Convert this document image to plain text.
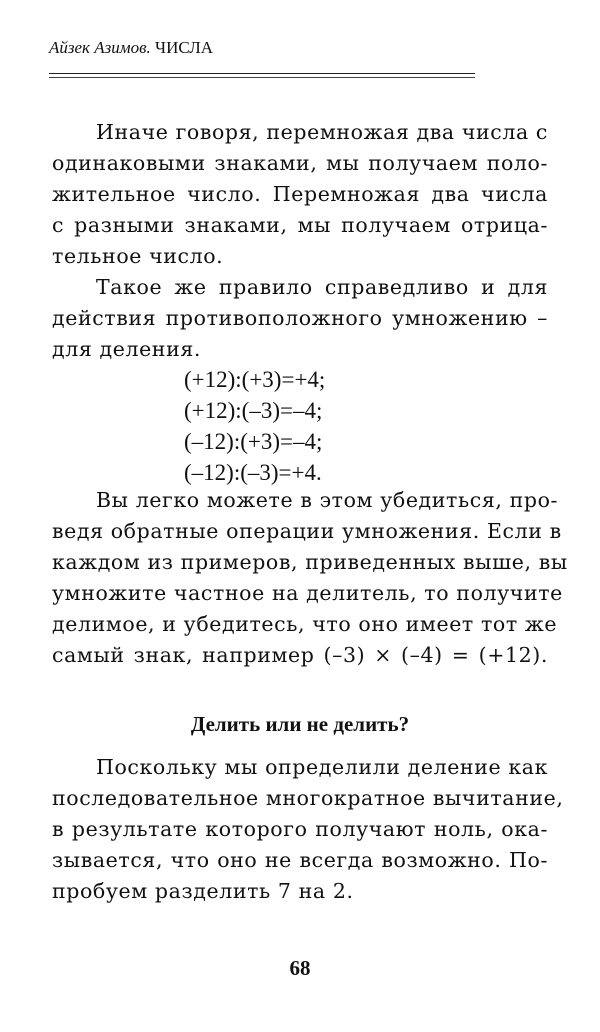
Айзек Азимов. ЧИСЛА
Иначе говоря, перемножая два числа с
одинаковыми знаками, мы получаем поло-
жительное число. Перемножая два числа
с разными знаками, мы получаем отрица-
тельное число.
Такое же правило справедливо и для
действия противоположного умножению –
для деления.
(+12):(+3)=+4;
(+12):(–3)=–4;
(–12):(+3)=–4;
(–12):(–3)=+4.
Вы легко можете в этом убедиться, про-
ведя обратные операции умножения. Если в
каждом из примеров, приведенных выше, вы
умножите частное на делитель, то получите
делимое, и убедитесь, что оно имеет тот же
самый знак, например (–3) × (–4) = (+12).
Делить или не делить?
Поскольку мы определили деление как
последовательное многократное вычитание,
в результате которого получают ноль, ока-
зывается, что оно не всегда возможно. По-
пробуем разделить 7 на 2.
68
